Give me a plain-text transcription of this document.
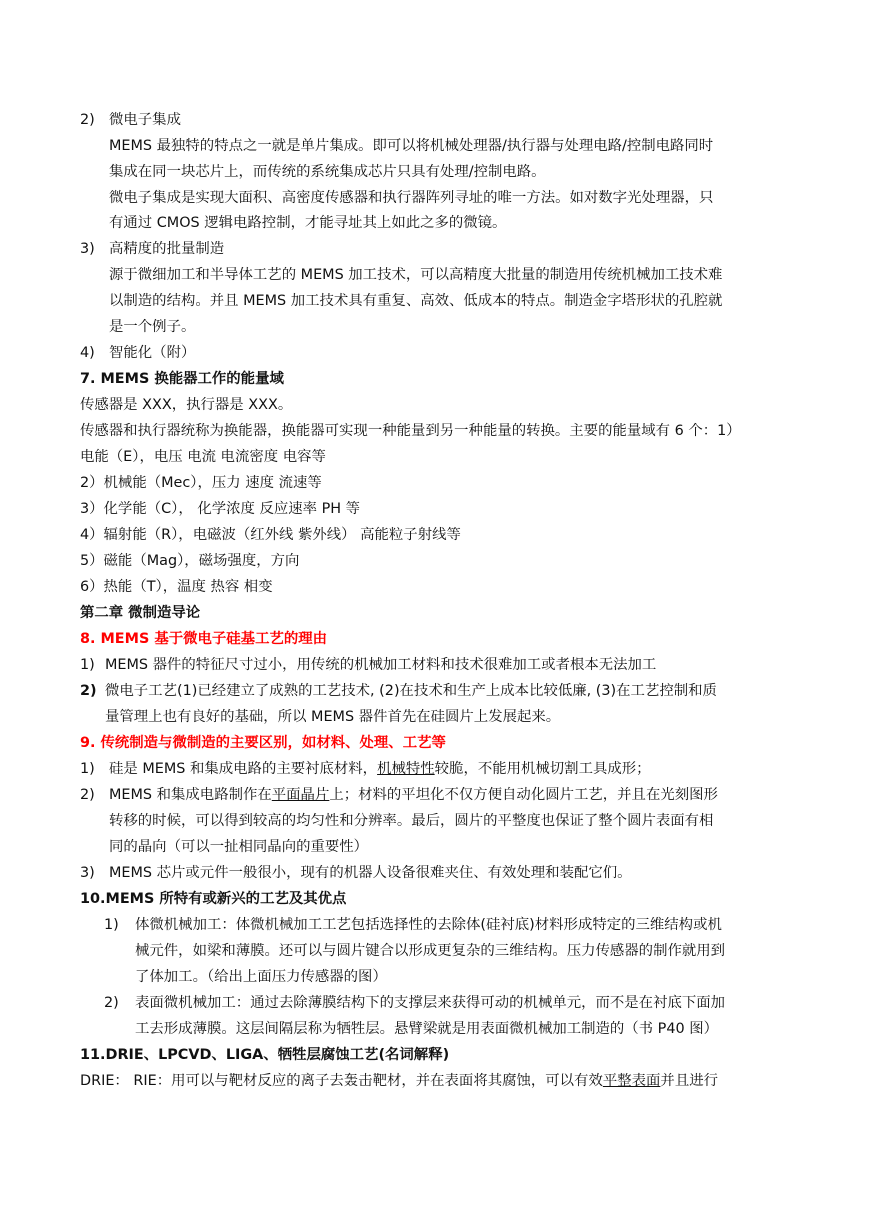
2) 微电子集成
MEMS 最独特的特点之一就是单片集成。即可以将机械处理器/执行器与处理电路/控制电路同时
集成在同一块芯片上，而传统的系统集成芯片只具有处理/控制电路。
微电子集成是实现大面积、高密度传感器和执行器阵列寻址的唯一方法。如对数字光处理器，只
有通过 CMOS 逻辑电路控制，才能寻址其上如此之多的微镜。
3) 高精度的批量制造
源于微细加工和半导体工艺的 MEMS 加工技术，可以高精度大批量的制造用传统机械加工技术难
以制造的结构。并且 MEMS 加工技术具有重复、高效、低成本的特点。制造金字塔形状的孔腔就
是一个例子。
4) 智能化（附）
7. MEMS 换能器工作的能量域
传感器是 XXX，执行器是 XXX。
传感器和执行器统称为换能器，换能器可实现一种能量到另一种能量的转换。主要的能量域有 6 个：1）
电能（E），电压 电流 电流密度 电容等
2）机械能（Mec），压力 速度 流速等
3）化学能（C）， 化学浓度 反应速率 PH 等
4）辐射能（R），电磁波（红外线 紫外线） 高能粒子射线等
5）磁能（Mag），磁场强度，方向
6）热能（T），温度 热容 相变
第二章 微制造导论
8. MEMS 基于微电子硅基工艺的理由
1) MEMS 器件的特征尺寸过小，用传统的机械加工材料和技术很难加工或者根本无法加工
2) 微电子工艺(1)已经建立了成熟的工艺技术, (2)在技术和生产上成本比较低廉, (3)在工艺控制和质
量管理上也有良好的基础，所以 MEMS 器件首先在硅圆片上发展起来。
9. 传统制造与微制造的主要区别，如材料、处理、工艺等
1) 硅是 MEMS 和集成电路的主要衬底材料，机械特性较脆，不能用机械切割工具成形；
2) MEMS 和集成电路制作在平面晶片上；材料的平坦化不仅方便自动化圆片工艺，并且在光刻图形
转移的时候，可以得到较高的均匀性和分辨率。最后，圆片的平整度也保证了整个圆片表面有相
同的晶向（可以一扯相同晶向的重要性）
3) MEMS 芯片或元件一般很小，现有的机器人设备很难夹住、有效处理和装配它们。
10.MEMS 所特有或新兴的工艺及其优点
1) 体微机械加工：体微机械加工工艺包括选择性的去除体(硅衬底)材料形成特定的三维结构或机
械元件，如梁和薄膜。还可以与圆片键合以形成更复杂的三维结构。压力传感器的制作就用到
了体加工。（给出上面压力传感器的图）
2) 表面微机械加工：通过去除薄膜结构下的支撑层来获得可动的机械单元，而不是在衬底下面加
工去形成薄膜。这层间隔层称为牺牲层。悬臂梁就是用表面微机械加工制造的（书 P40 图）
11.DRIE、LPCVD、LIGA、牺牲层腐蚀工艺(名词解释)
DRIE： RIE：用可以与靶材反应的离子去轰击靶材，并在表面将其腐蚀，可以有效平整表面并且进行
